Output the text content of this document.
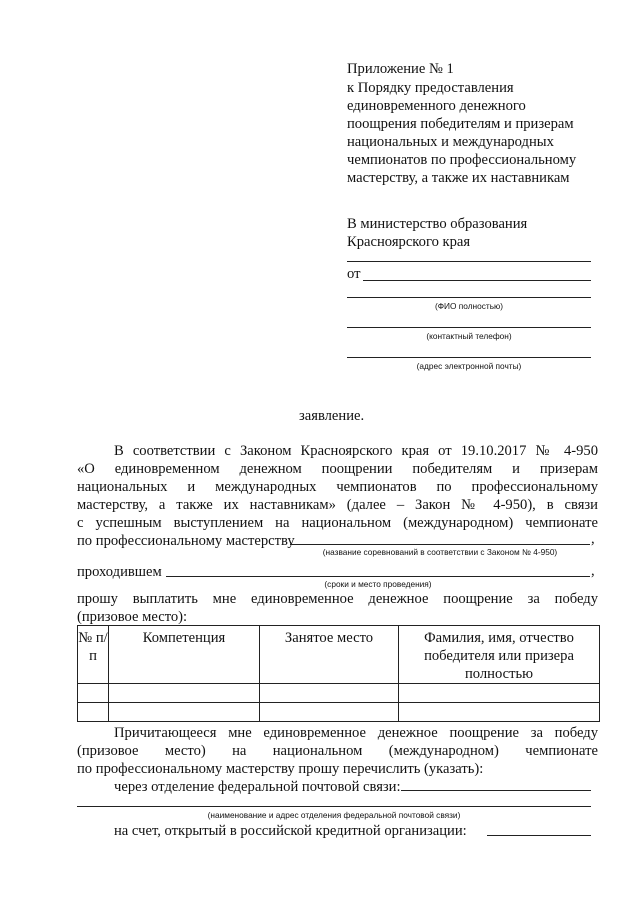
Приложение № 1
к Порядку предоставления
единовременного денежного
поощрения победителям и призерам
национальных и международных
чемпионатов по профессиональному
мастерству, а также их наставникам
В министерство образования
Красноярского края
от
(ФИО полностью)
(контактный телефон)
(адрес электронной почты)
заявление.
В соответствии с Законом Красноярского края от 19.10.2017 № 4-950
«О единовременном денежном поощрении победителям и призерам
национальных и международных чемпионатов по профессиональному
мастерству, а также их наставникам» (далее – Закон № 4-950), в связи
с успешным выступлением на национальном (международном) чемпионате
по профессиональному мастерству	,
(название соревнований в соответствии с Законом № 4-950)
проходившем	,
(сроки и место проведения)
прошу выплатить мне единовременное денежное поощрение за победу
(призовое место):
№ п/п	Компетенция	Занятое место	Фамилия, имя, отчество победителя или призера полностью

Причитающееся мне единовременное денежное поощрение за победу
(призовое место) на национальном (международном) чемпионате
по профессиональному мастерству прошу перечислить (указать):
через отделение федеральной почтовой связи:
(наименование и адрес отделения федеральной почтовой связи)
на счет, открытый в российской кредитной организации:
